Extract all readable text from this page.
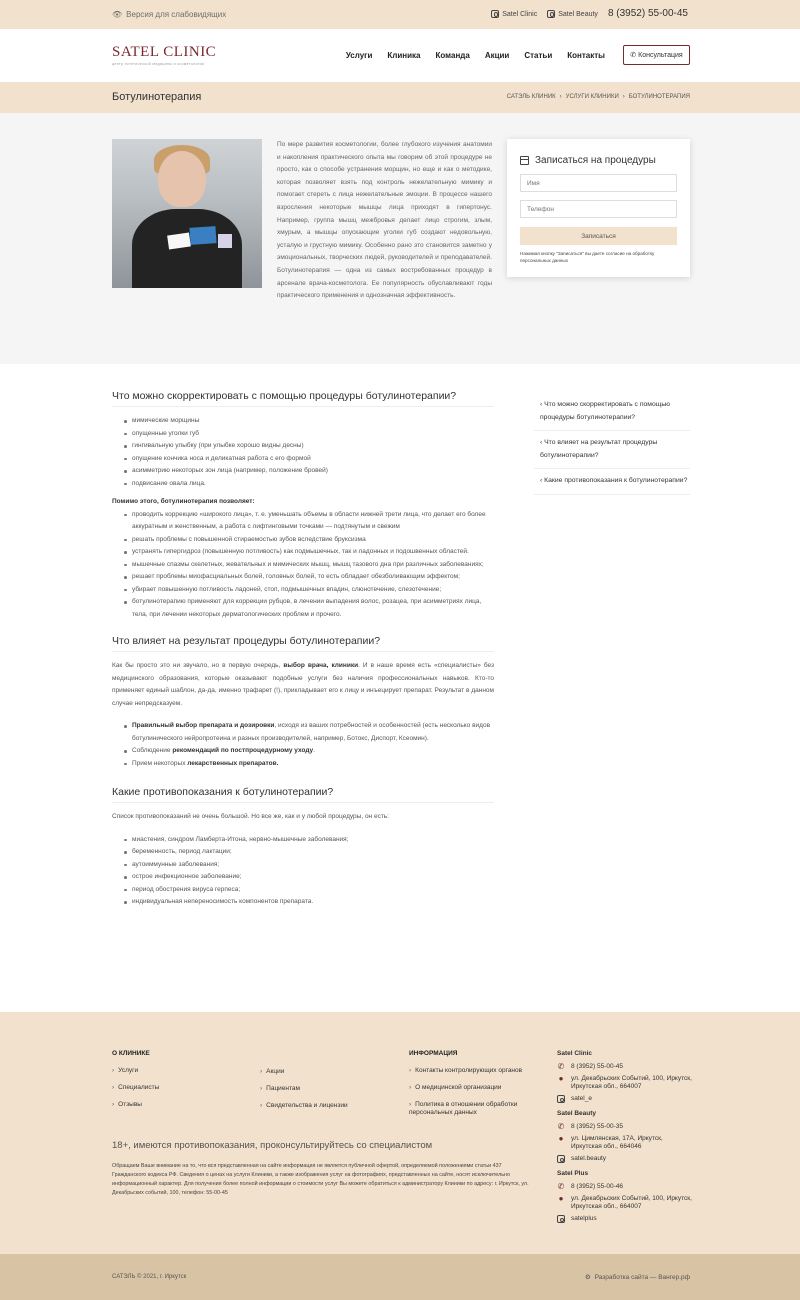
👁 Версия для слабовидящих	Satel Clinic	Satel Beauty 8 (3952) 55-00-45
SATEL CLINIC
центр эстетической медицины и косметологии
Услуги Клиника Команда Акции Статьи Контакты	✆ Консультация
Ботулинотерапия	САТЭЛЬ КЛИНИК › УСЛУГИ КЛИНИКИ › БОТУЛИНОТЕРАПИЯ
По мере развития косметологии, более глубокого изучения анатомии и накопления практического опыта мы говорим об этой процедуре не просто, как о способе устранения морщин, но еще и как о методике, которая позволяет взять под контроль нежелательную мимику и помогает стереть с лица нежелательные эмоции. В процессе нашего взросления некоторые мышцы лица приходят в гипертонус. Например, группа мышц межбровья делает лицо строгим, злым, хмурым, а мышцы опускающие уголки губ создают недовольную, усталую и грустную мимику. Особенно рано это становится заметно у эмоциональных, творческих людей, руководителей и преподавателей. Ботулинотерапия — одна из самых востребованных процедур в арсенале врача-косметолога. Ее популярность обуславливают годы практического применения и однозначная эффективность.
Записаться на процедуры
Имя
Телефон
Записаться
Нажимая кнопку "Записаться" вы даете согласие на обработку персональных данных
Что можно скорректировать с помощью процедуры ботулинотерапии?
мимические морщины
опущенные уголки губ
гингивальную улыбку (при улыбке хорошо видны десны)
опущение кончика носа и деликатная работа с его формой
асимметрию некоторых зон лица (например, положение бровей)
подвисание овала лица.

Помимо этого, ботулинотерапия позволяет:

проводить коррекцию «широкого лица», т. е. уменьшать объемы в области нижней трети лица, что делает его более аккуратным и женственным, а работа с лифтинговыми точками — подтянутым и свежим
решать проблемы с повышенной стираемостью зубов вследствие бруксизма
устранять гипергидроз (повышенную потливость) как подмышечных, так и ладонных и подошвенных областей.
мышечные спазмы скелетных, жевательных и мимических мышц, мышц тазового дна при различных заболеваниях;
решает проблемы миофасциальных болей, головных болей, то есть обладает обезболивающим эффектом;
убирает повышенную потливость ладоней, стоп, подмышечных впадин, слюнотечение, слезотечение;
ботулинотерапию применяют для коррекции рубцов, в лечении выпадения волос, розацеа, при асимметриях лица, тела, при лечении некоторых дерматологических проблем и прочего.
Что влияет на результат процедуры ботулинотерапии?

Как бы просто это ни звучало, но в первую очередь, выбор врача, клиники. И в наше время есть «специалисты» без медицинского образования, которые оказывают подобные услуги без наличия профессиональных навыков. Кто-то применяет единый шаблон, да-да, именно трафарет (!), прикладывает его к лицу и инъецирует препарат. Результат в данном случае непредсказуем.

Правильный выбор препарата и дозировки, исходя из ваших потребностей и особенностей (есть несколько видов ботулинического нейропротеина и разных производителей, например, Ботокс, Диспорт, Ксеомин).
Соблюдение рекомендаций по постпроцедурному уходу.
Прием некоторых лекарственных препаратов.
Какие противопоказания к ботулинотерапии?

Список противопоказаний не очень большой. Но все же, как и у любой процедуры, он есть:

миастения, синдром Ламберта-Итона, нервно-мышечные заболевания;
беременность, период лактации;
аутоиммунные заболевания;
острое инфекционное заболевание;
период обострения вируса герпеса;
индивидуальная непереносимость компонентов препарата.
‹ Что можно скорректировать с помощью процедуры ботулинотерапии?
‹ Что влияет на результат процедуры ботулинотерапии?
‹ Какие противопоказания к ботулинотерапии?
О КЛИНИКЕ
› Услуги
› Специалисты
› Отзывы
› Акции
› Пациентам
› Свидетельства и лицензии
ИНФОРМАЦИЯ
› Контакты контролирующих органов
› О медицинской организации
› Политика в отношении обработки персональных данных
Satel Clinic
✆ 8 (3952) 55-00-45
● ул. Декабрьских Событий, 100, Иркутск, Иркутская обл., 664007
satel_e
Satel Beauty
✆ 8 (3952) 55-00-35
● ул. Цимлянская, 17А, Иркутск, Иркутская обл., 664046
satel.beauty
Satel Plus
✆ 8 (3952) 55-00-46
● ул. Декабрьских Событий, 100, Иркутск, Иркутская обл., 664007
satelplus
18+, имеются противопоказания, проконсультируйтесь со специалистом
Обращаем Ваше внимание на то, что вся представленная на сайте информация не является публичной офертой, определяемой положениями статьи 437 Гражданского кодекса РФ. Сведения о ценах на услуги Клиники, а также изображения услуг на фотографиях, представленных на сайте, носят исключительно информационный характер. Для получения более полной информации о стоимости услуг Вы можете обратиться к администратору Клиники по адресу: г. Иркутск, ул. Декабрьских событий, 100, телефон: 55-00-45
САТЭЛЬ © 2021, г. Иркутск	⚙ Разработка сайта — Вангер.рф
